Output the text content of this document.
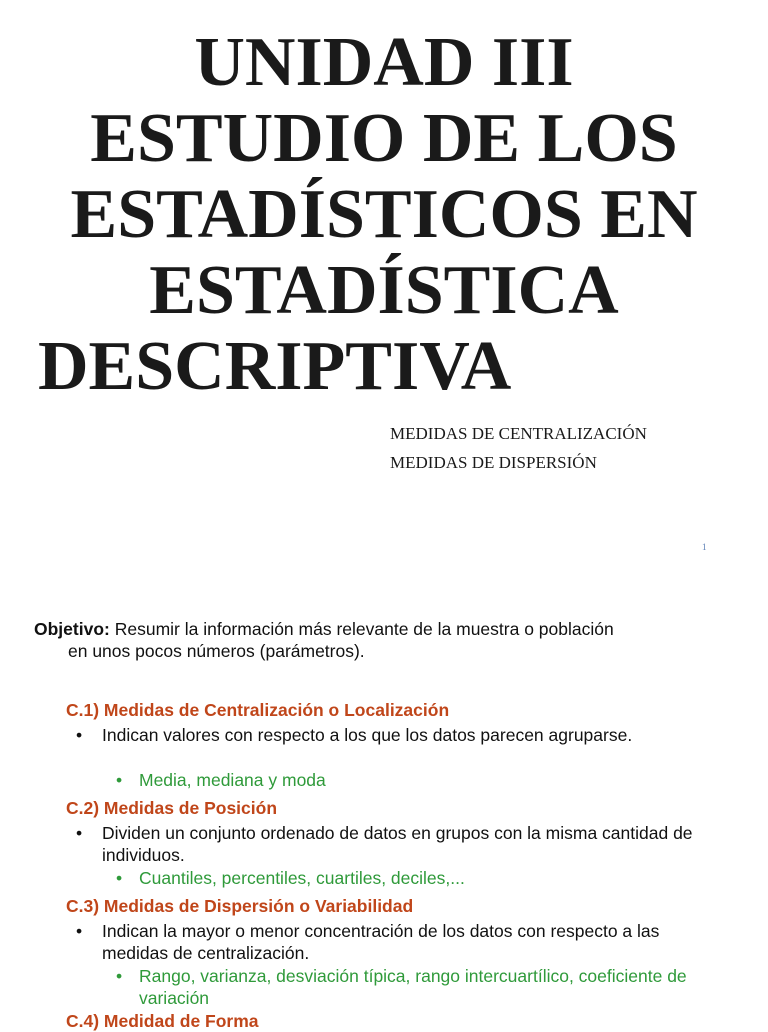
UNIDAD III
ESTUDIO DE LOS
ESTADÍSTICOS EN
ESTADÍSTICA
DESCRIPTIVA
MEDIDAS DE CENTRALIZACIÓN
MEDIDAS DE DISPERSIÓN
1
Objetivo: Resumir la información más relevante de la muestra o población
en unos pocos números (parámetros).
C.1) Medidas de Centralización o Localización
•	Indican valores con respecto a los que los datos parecen agruparse.
• Media, mediana y moda
C.2) Medidas de Posición
•	Dividen un conjunto ordenado de datos en grupos con la misma cantidad de individuos.
• Cuantiles, percentiles, cuartiles, deciles,...
C.3) Medidas de Dispersión o Variabilidad
•	Indican la mayor o menor concentración de los datos con respecto a las medidas de centralización.
• Rango, varianza, desviación típica, rango intercuartílico, coeficiente de variación
C.4) Medidad de Forma
